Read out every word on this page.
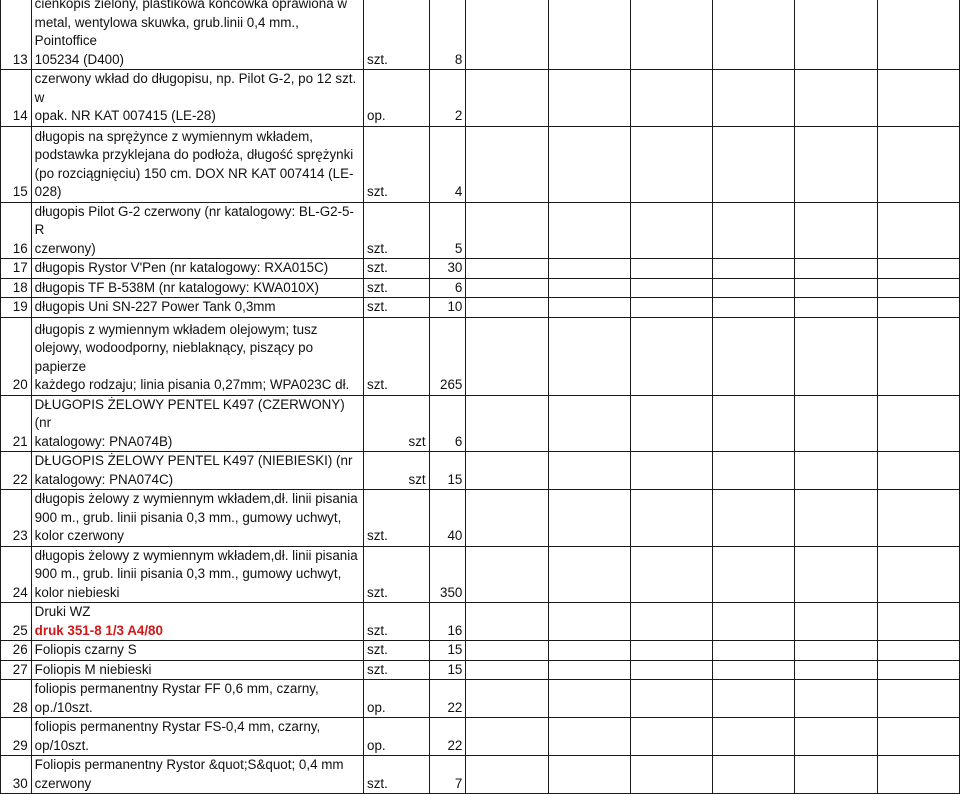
13	cienkopis zielony, plastikowa końcówka oprawiona w
metal, wentylowa skuwka, grub.linii 0,4 mm., Pointoffice
105234 (D400)	szt.	8						
14	czerwony wkład do długopisu, np. Pilot G-2, po 12 szt. w
opak. NR KAT 007415 (LE-28)	op.	2						
15	długopis na sprężynce z wymiennym wkładem,
podstawka przyklejana do podłoża, długość sprężynki
(po rozciągnięciu) 150 cm. DOX NR KAT 007414 (LE-028)	szt.	4						
16	długopis Pilot G-2 czerwony (nr katalogowy: BL-G2-5-R
czerwony)	szt.	5						
17	długopis Rystor V'Pen (nr katalogowy: RXA015C)	szt.	30						
18	długopis TF B-538M (nr katalogowy: KWA010X)	szt.	6						
19	długopis Uni SN-227 Power Tank 0,3mm	szt.	10						
20	długopis z wymiennym wkładem olejowym; tusz
olejowy, wodoodporny, nieblaknący, piszący po papierze
każdego rodzaju; linia pisania 0,27mm; WPA023C dł.	szt.	265						
21	DŁUGOPIS ŻELOWY PENTEL K497 (CZERWONY) (nr
katalogowy: PNA074B)	szt	6						
22	DŁUGOPIS ŻELOWY PENTEL K497 (NIEBIESKI) (nr
katalogowy: PNA074C)	szt	15						
23	długopis żelowy z wymiennym wkładem,dł. linii pisania
900 m., grub. linii pisania 0,3 mm., gumowy uchwyt,
kolor czerwony	szt.	40						
24	długopis żelowy z wymiennym wkładem,dł. linii pisania
900 m., grub. linii pisania 0,3 mm., gumowy uchwyt,
kolor niebieski	szt.	350						
25	Druki WZ
druk 351-8 1/3 A4/80	szt.	16						
26	Foliopis czarny S	szt.	15						
27	Foliopis M niebieski	szt.	15						
28	foliopis permanentny Rystar FF 0,6 mm, czarny,
op./10szt.	op.	22						
29	foliopis permanentny Rystar FS-0,4 mm, czarny,
op/10szt.	op.	22						
30	Foliopis permanentny Rystor &quot;S&quot; 0,4 mm
czerwony	szt.	7						
